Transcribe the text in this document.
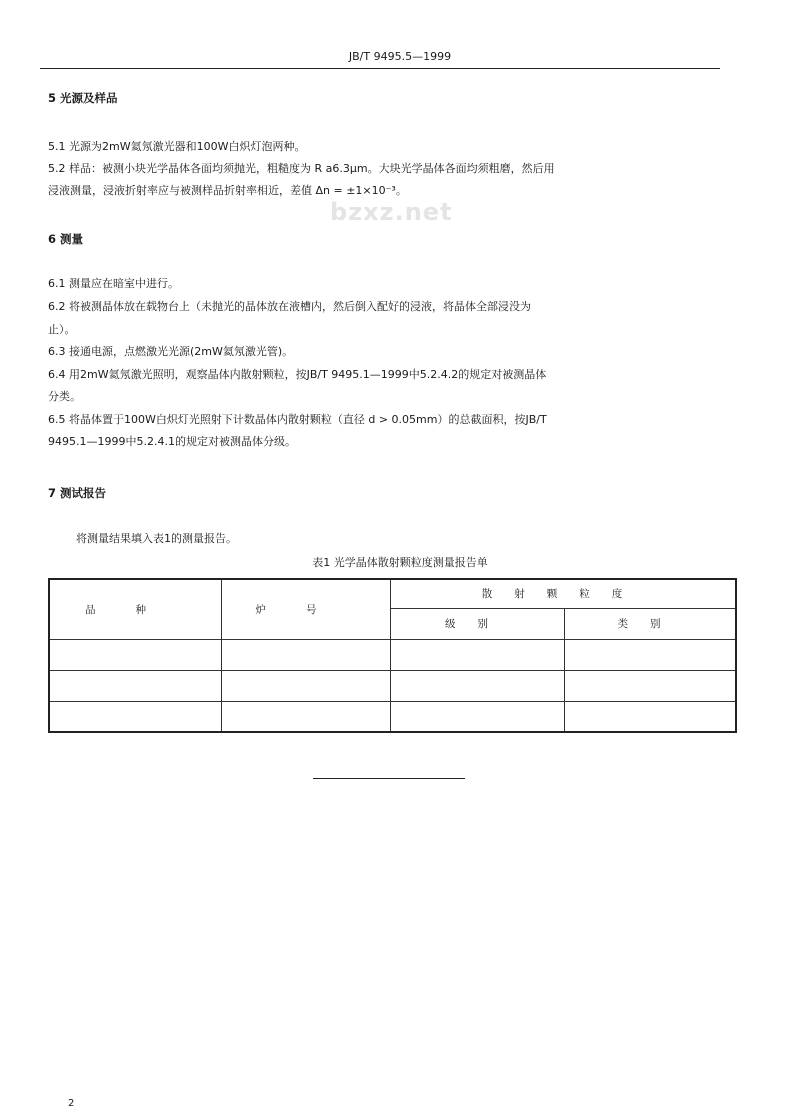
JB/T 9495.5—1999
bzxz.net
5 光源及样品
5.1 光源为2mW氦氖激光器和100W白炽灯泡两种。
5.2 样品：被测小块光学晶体各面均须抛光，粗糙度为 R a6.3μm。大块光学晶体各面均须粗磨，然后用
浸液测量，浸液折射率应与被测样品折射率相近，差值 Δn = ±1×10⁻³。
6 测量
6.1 测量应在暗室中进行。
6.2 将被测晶体放在载物台上（未抛光的晶体放在液槽内，然后倒入配好的浸液，将晶体全部浸没为
止）。
6.3 接通电源，点燃激光光源(2mW氦氖激光管)。
6.4 用2mW氦氖激光照明，观察晶体内散射颗粒，按JB/T 9495.1—1999中5.2.4.2的规定对被测晶体
分类。
6.5 将晶体置于100W白炽灯光照射下计数晶体内散射颗粒（直径 d > 0.05mm）的总截面积，按JB/T
9495.1—1999中5.2.4.1的规定对被测晶体分级。
7 测试报告
将测量结果填入表1的测量报告。
表1 光学晶体散射颗粒度测量报告单
品种	炉号	散射颗粒度	
		级别	类别

2
